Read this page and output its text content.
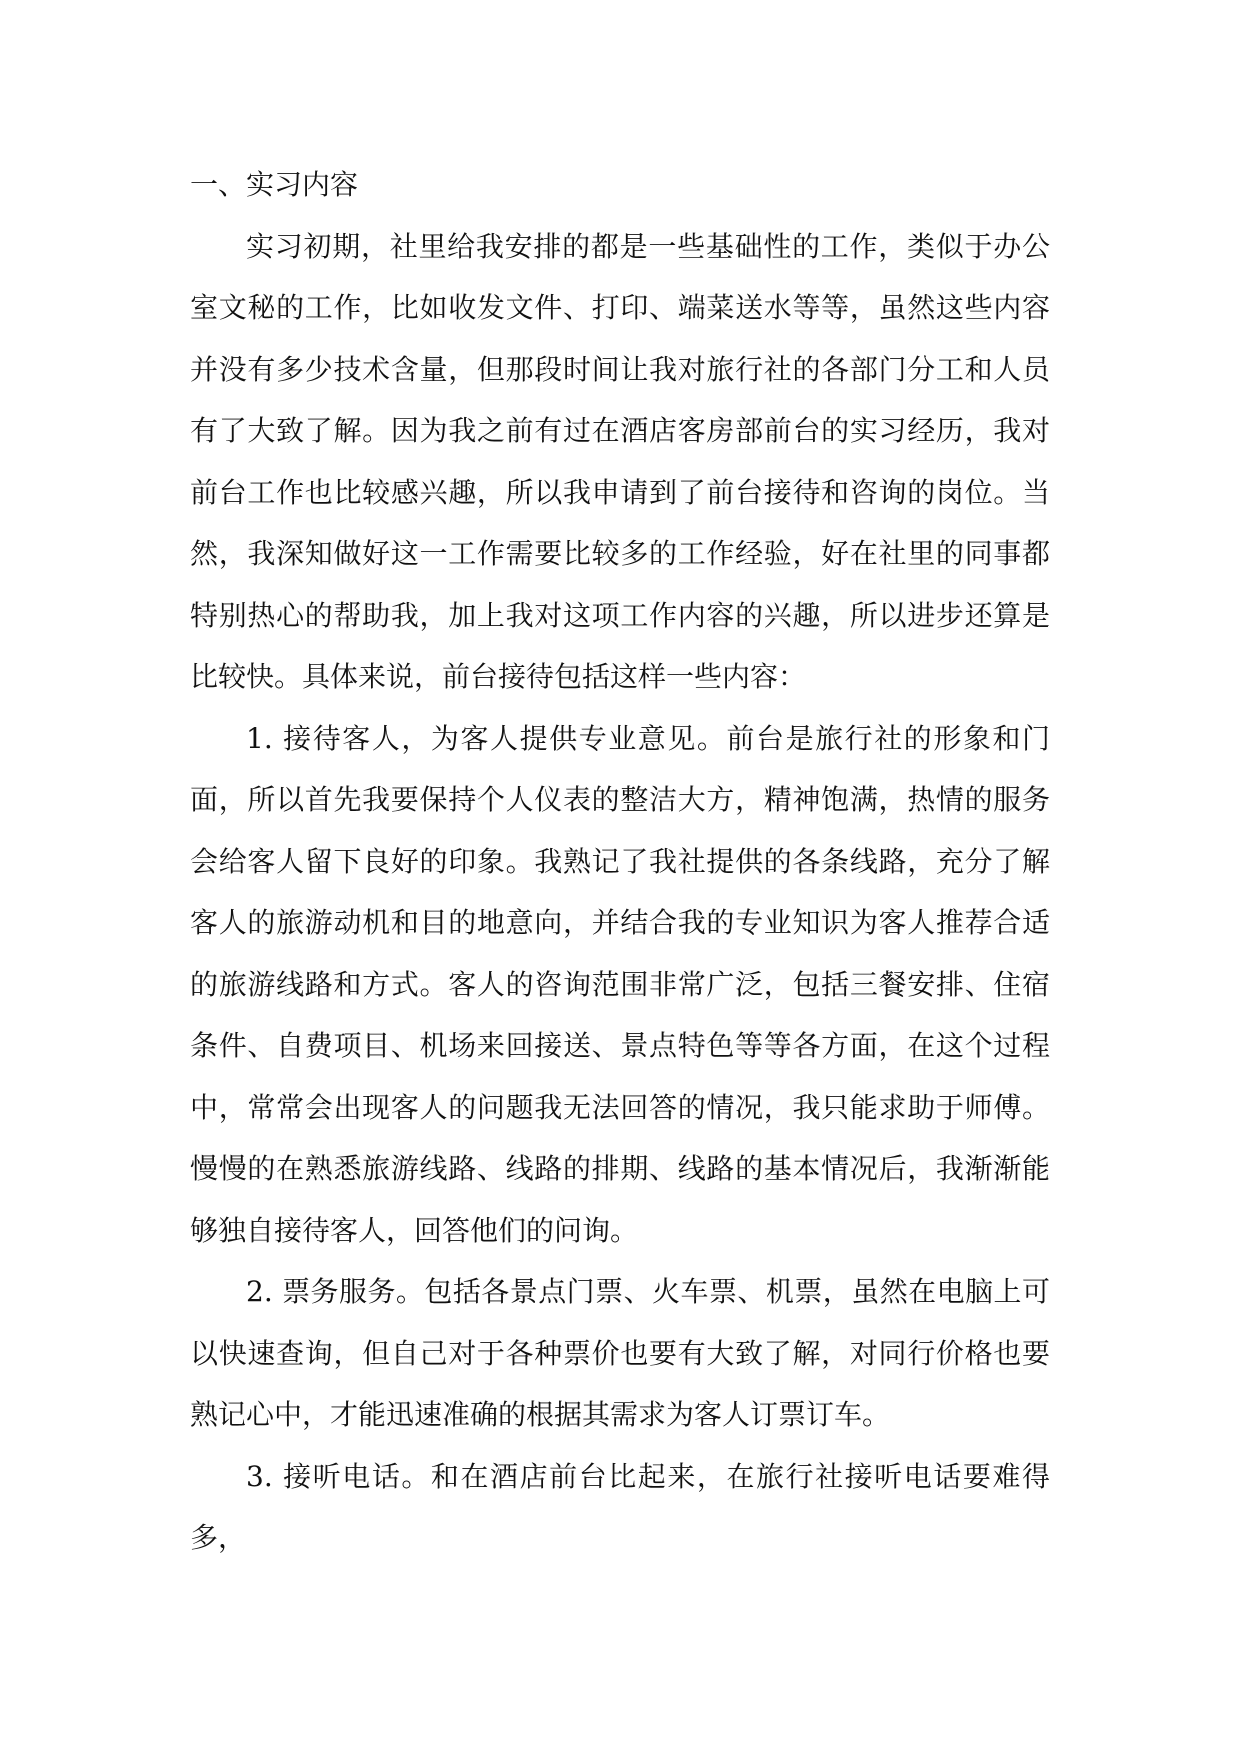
一、实习内容

实习初期，社里给我安排的都是一些基础性的工作，类似于办公室文秘的工作，比如收发文件、打印、端菜送水等等，虽然这些内容并没有多少技术含量，但那段时间让我对旅行社的各部门分工和人员有了大致了解。因为我之前有过在酒店客房部前台的实习经历，我对前台工作也比较感兴趣，所以我申请到了前台接待和咨询的岗位。当然，我深知做好这一工作需要比较多的工作经验，好在社里的同事都特别热心的帮助我，加上我对这项工作内容的兴趣，所以进步还算是比较快。具体来说，前台接待包括这样一些内容：

1. 接待客人，为客人提供专业意见。前台是旅行社的形象和门面，所以首先我要保持个人仪表的整洁大方，精神饱满，热情的服务会给客人留下良好的印象。我熟记了我社提供的各条线路，充分了解客人的旅游动机和目的地意向，并结合我的专业知识为客人推荐合适的旅游线路和方式。客人的咨询范围非常广泛，包括三餐安排、住宿条件、自费项目、机场来回接送、景点特色等等各方面，在这个过程中，常常会出现客人的问题我无法回答的情况，我只能求助于师傅。慢慢的在熟悉旅游线路、线路的排期、线路的基本情况后，我渐渐能够独自接待客人，回答他们的问询。

2. 票务服务。包括各景点门票、火车票、机票，虽然在电脑上可以快速查询，但自己对于各种票价也要有大致了解，对同行价格也要熟记心中，才能迅速准确的根据其需求为客人订票订车。

3. 接听电话。和在酒店前台比起来，在旅行社接听电话要难得多，
